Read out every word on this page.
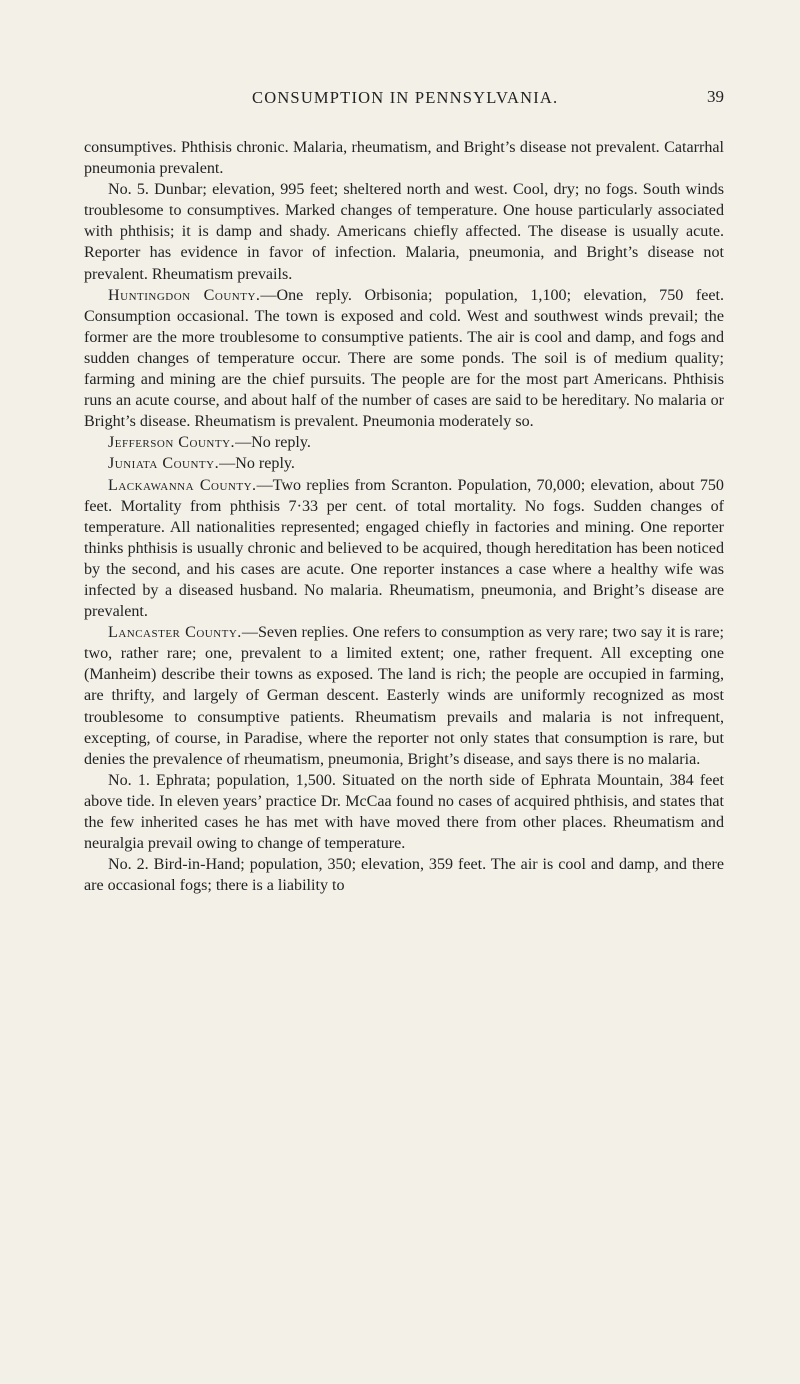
CONSUMPTION IN PENNSYLVANIA.	39

consumptives. Phthisis chronic. Malaria, rheumatism, and Bright’s disease not prevalent. Catarrhal pneumonia prevalent.

No. 5. Dunbar; elevation, 995 feet; sheltered north and west. Cool, dry; no fogs. South winds troublesome to consumptives. Marked changes of temperature. One house particularly associated with phthisis; it is damp and shady. Americans chiefly affected. The disease is usually acute. Reporter has evidence in favor of infection. Malaria, pneumonia, and Bright’s disease not prevalent. Rheumatism prevails.

Huntingdon County.—One reply. Orbisonia; population, 1,100; elevation, 750 feet. Consumption occasional. The town is exposed and cold. West and southwest winds prevail; the former are the more troublesome to consumptive patients. The air is cool and damp, and fogs and sudden changes of temperature occur. There are some ponds. The soil is of medium quality; farming and mining are the chief pursuits. The people are for the most part Americans. Phthisis runs an acute course, and about half of the number of cases are said to be hereditary. No malaria or Bright’s disease. Rheumatism is prevalent. Pneumonia moderately so.

Jefferson County.—No reply.

Juniata County.—No reply.

Lackawanna County.—Two replies from Scranton. Population, 70,000; elevation, about 750 feet. Mortality from phthisis 7·33 per cent. of total mortality. No fogs. Sudden changes of temperature. All nationalities represented; engaged chiefly in factories and mining. One reporter thinks phthisis is usually chronic and believed to be acquired, though hereditation has been noticed by the second, and his cases are acute. One reporter instances a case where a healthy wife was infected by a diseased husband. No malaria. Rheumatism, pneumonia, and Bright’s disease are prevalent.

Lancaster County.—Seven replies. One refers to consumption as very rare; two say it is rare; two, rather rare; one, prevalent to a limited extent; one, rather frequent. All excepting one (Manheim) describe their towns as exposed. The land is rich; the people are occupied in farming, are thrifty, and largely of German descent. Easterly winds are uniformly recognized as most troublesome to consumptive patients. Rheumatism prevails and malaria is not infrequent, excepting, of course, in Paradise, where the reporter not only states that consumption is rare, but denies the prevalence of rheumatism, pneumonia, Bright’s disease, and says there is no malaria.

No. 1. Ephrata; population, 1,500. Situated on the north side of Ephrata Mountain, 384 feet above tide. In eleven years’ practice Dr. McCaa found no cases of acquired phthisis, and states that the few inherited cases he has met with have moved there from other places. Rheumatism and neuralgia prevail owing to change of temperature.

No. 2. Bird-in-Hand; population, 350; elevation, 359 feet. The air is cool and damp, and there are occasional fogs; there is a liability to
